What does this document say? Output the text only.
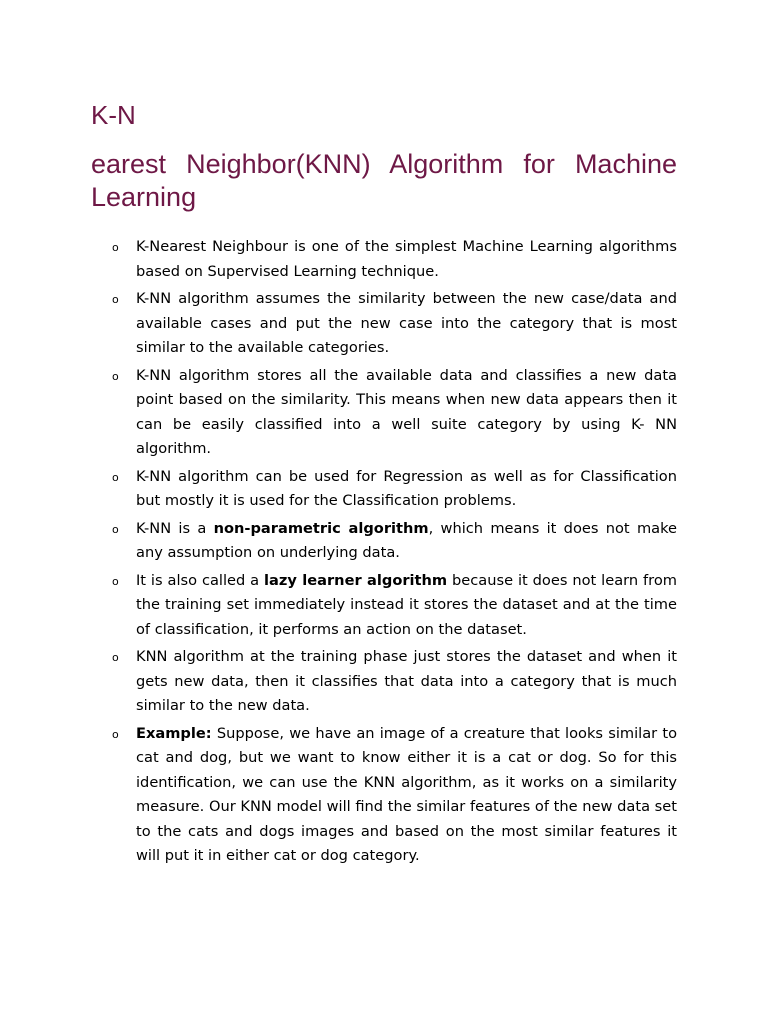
K-N
earest Neighbor(KNN) Algorithm for Machine Learning
o K-Nearest Neighbour is one of the simplest Machine Learning algorithms based on Supervised Learning technique.
o K-NN algorithm assumes the similarity between the new case/data and available cases and put the new case into the category that is most similar to the available categories.
o K-NN algorithm stores all the available data and classifies a new data point based on the similarity. This means when new data appears then it can be easily classified into a well suite category by using K- NN algorithm.
o K-NN algorithm can be used for Regression as well as for Classification but mostly it is used for the Classification problems.
o K-NN is a non-parametric algorithm, which means it does not make any assumption on underlying data.
o It is also called a lazy learner algorithm because it does not learn from the training set immediately instead it stores the dataset and at the time of classification, it performs an action on the dataset.
o KNN algorithm at the training phase just stores the dataset and when it gets new data, then it classifies that data into a category that is much similar to the new data.
o Example: Suppose, we have an image of a creature that looks similar to cat and dog, but we want to know either it is a cat or dog. So for this identification, we can use the KNN algorithm, as it works on a similarity measure. Our KNN model will find the similar features of the new data set to the cats and dogs images and based on the most similar features it will put it in either cat or dog category.
